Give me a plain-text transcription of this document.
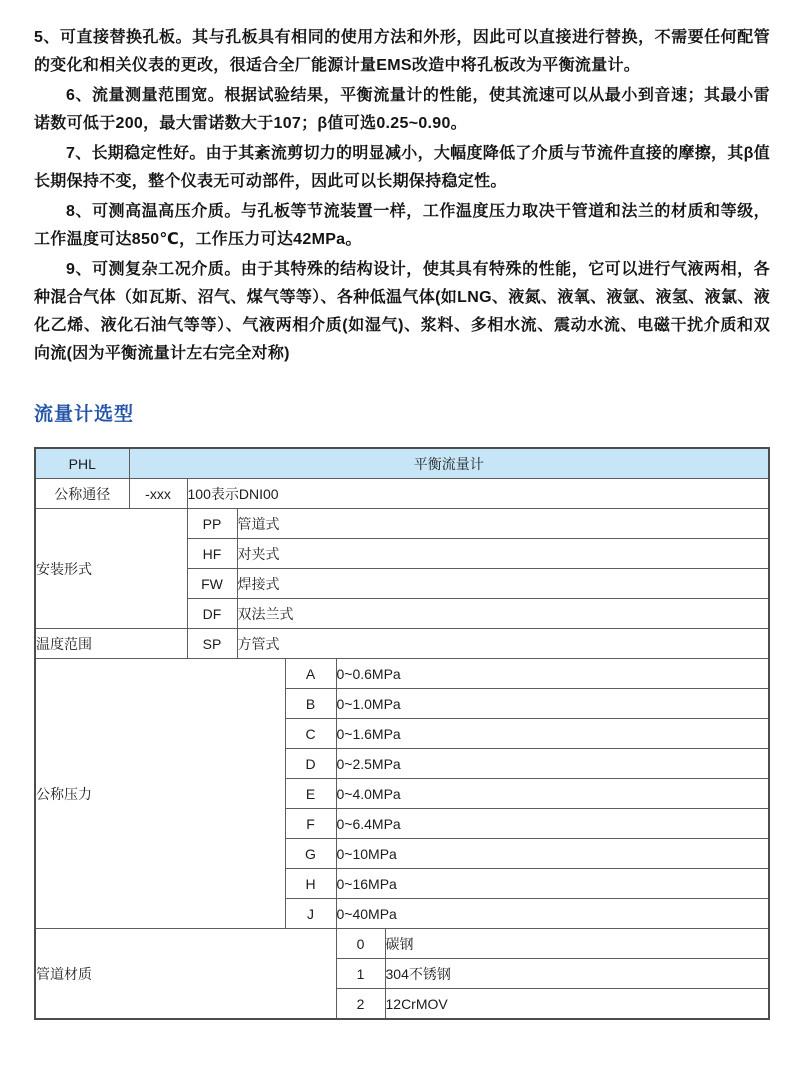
5、可直接替换孔板。其与孔板具有相同的使用方法和外形，因此可以直接进行替换，不需要任何配管的变化和相关仪表的更改，很适合全厂能源计量EMS改造中将孔板改为平衡流量计。

6、流量测量范围宽。根据试验结果，平衡流量计的性能，使其流速可以从最小到音速；其最小雷诺数可低于200，最大雷诺数大于107；β值可选0.25~0.90。

7、长期稳定性好。由于其紊流剪切力的明显减小，大幅度降低了介质与节流件直接的摩擦，其β值长期保持不变，整个仪表无可动部件，因此可以长期保持稳定性。

8、可测高温高压介质。与孔板等节流装置一样，工作温度压力取决干管道和法兰的材质和等级，工作温度可达850℃，工作压力可达42MPa。

9、可测复杂工况介质。由于其特殊的结构设计，使其具有特殊的性能，它可以进行气液两相，各种混合气体（如瓦斯、沼气、煤气等等）、各种低温气体(如LNG、液氮、液氧、液氩、液氢、液氯、液化乙烯、液化石油气等等）、气液两相介质(如湿气)、浆料、多相水流、震动水流、电磁干扰介质和双向流(因为平衡流量计左右完全对称)

流量计选型
PHL	平衡流量计					
公称通径	-xxx	100表示DNI00				
安装形式		PP	管道式			
		HF	对夹式			
		FW	焊接式			
		DF	双法兰式			
温度范围		SP	方管式			
公称压力				A	0~0.6MPa	
				B	0~1.0MPa	
				C	0~1.6MPa	
				D	0~2.5MPa	
				E	0~4.0MPa	
				F	0~6.4MPa	
				G	0~10MPa	
				H	0~16MPa	
				J	0~40MPa	
管道材质					0	碳钢
					1	304不锈钢
					2	12CrMOV
